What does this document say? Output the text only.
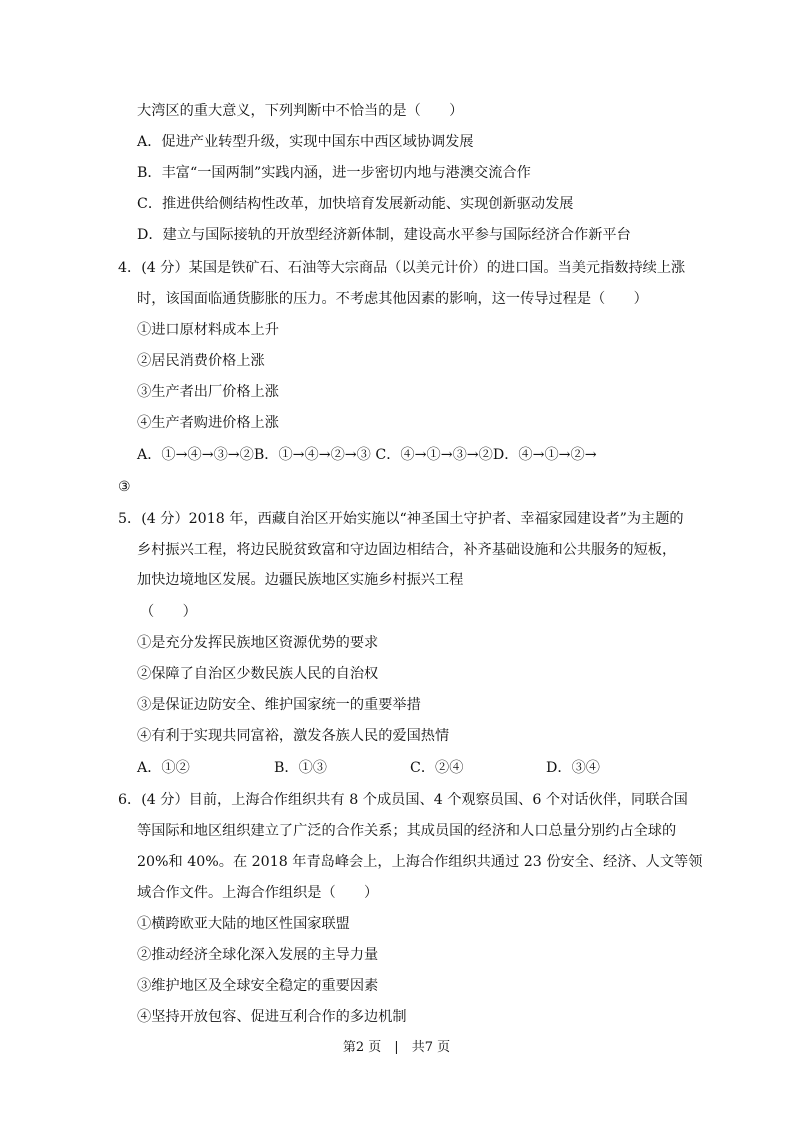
大湾区的重大意义，下列判断中不恰当的是（　　）
A．促进产业转型升级，实现中国东中西区域协调发展
B．丰富“一国两制”实践内涵，进一步密切内地与港澳交流合作
C．推进供给侧结构性改革，加快培育发展新动能、实现创新驱动发展
D．建立与国际接轨的开放型经济新体制，建设高水平参与国际经济合作新平台
4．(4 分）某国是铁矿石、石油等大宗商品（以美元计价）的进口国。当美元指数持续上涨
时，该国面临通货膨胀的压力。不考虑其他因素的影响，这一传导过程是（　　）
①进口原材料成本上升
②居民消费价格上涨
③生产者出厂价格上涨
④生产者购进价格上涨
A．①→④→③→②B．①→④→②→③ C．④→①→③→②D．④→①→②→
③
5．(4 分）2018 年，西藏自治区开始实施以“神圣国土守护者、幸福家园建设者”为主题的
乡村振兴工程，将边民脱贫致富和守边固边相结合，补齐基础设施和公共服务的短板，
加快边境地区发展。边疆民族地区实施乡村振兴工程
（　　）
①是充分发挥民族地区资源优势的要求
②保障了自治区少数民族人民的自治权
③是保证边防安全、维护国家统一的重要举措
④有利于实现共同富裕，激发各族人民的爱国热情
A．①②	B．①③	C．②④	D．③④
6．(4 分）目前，上海合作组织共有 8 个成员国、4 个观察员国、6 个对话伙伴，同联合国
等国际和地区组织建立了广泛的合作关系；其成员国的经济和人口总量分别约占全球的
20%和 40%。在 2018 年青岛峰会上，上海合作组织共通过 23 份安全、经济、人文等领
域合作文件。上海合作组织是（　　）
①横跨欧亚大陆的地区性国家联盟
②推动经济全球化深入发展的主导力量
③维护地区及全球安全稳定的重要因素
④坚持开放包容、促进互利合作的多边机制
第2 页　|　共7 页
